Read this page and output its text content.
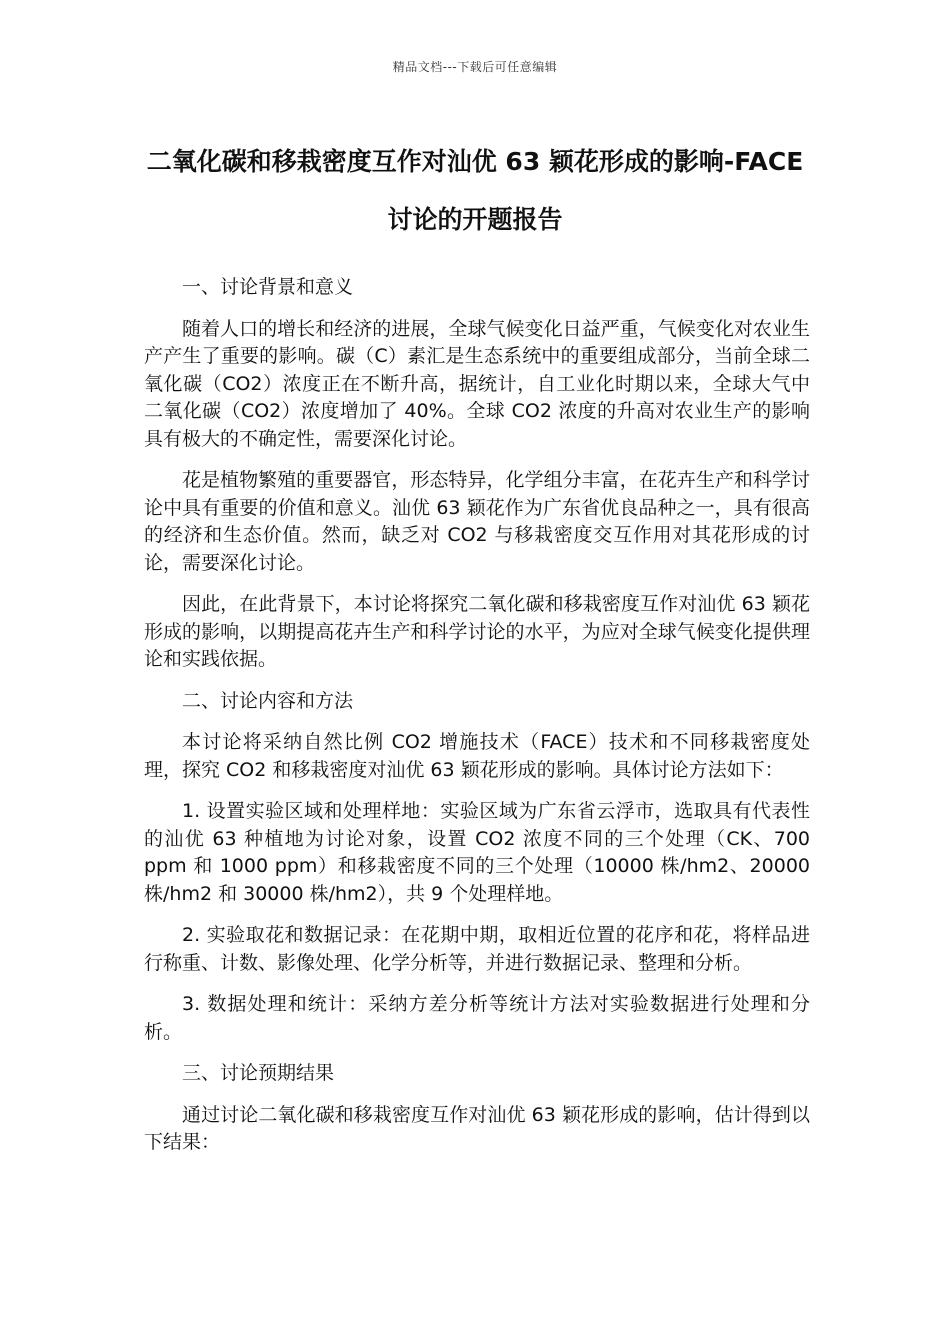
精品文档---下载后可任意编辑
二氧化碳和移栽密度互作对汕优 63 颖花形成的影响-FACE 讨论的开题报告

一、讨论背景和意义

随着人口的增长和经济的进展，全球气候变化日益严重，气候变化对农业生产产生了重要的影响。碳（C）素汇是生态系统中的重要组成部分，当前全球二氧化碳（CO2）浓度正在不断升高，据统计，自工业化时期以来，全球大气中二氧化碳（CO2）浓度增加了 40%。全球 CO2 浓度的升高对农业生产的影响具有极大的不确定性，需要深化讨论。

花是植物繁殖的重要器官，形态特异，化学组分丰富，在花卉生产和科学讨论中具有重要的价值和意义。汕优 63 颖花作为广东省优良品种之一，具有很高的经济和生态价值。然而，缺乏对 CO2 与移栽密度交互作用对其花形成的讨论，需要深化讨论。

因此，在此背景下，本讨论将探究二氧化碳和移栽密度互作对汕优 63 颖花形成的影响，以期提高花卉生产和科学讨论的水平，为应对全球气候变化提供理论和实践依据。

二、讨论内容和方法

本讨论将采纳自然比例 CO2 增施技术（FACE）技术和不同移栽密度处理，探究 CO2 和移栽密度对汕优 63 颖花形成的影响。具体讨论方法如下：

1. 设置实验区域和处理样地：实验区域为广东省云浮市，选取具有代表性的汕优 63 种植地为讨论对象，设置 CO2 浓度不同的三个处理（CK、700 ppm 和 1000 ppm）和移栽密度不同的三个处理（10000 株/hm2、20000 株/hm2 和 30000 株/hm2），共 9 个处理样地。

2. 实验取花和数据记录：在花期中期，取相近位置的花序和花，将样品进行称重、计数、影像处理、化学分析等，并进行数据记录、整理和分析。

3. 数据处理和统计：采纳方差分析等统计方法对实验数据进行处理和分析。

三、讨论预期结果

通过讨论二氧化碳和移栽密度互作对汕优 63 颖花形成的影响，估计得到以下结果：
